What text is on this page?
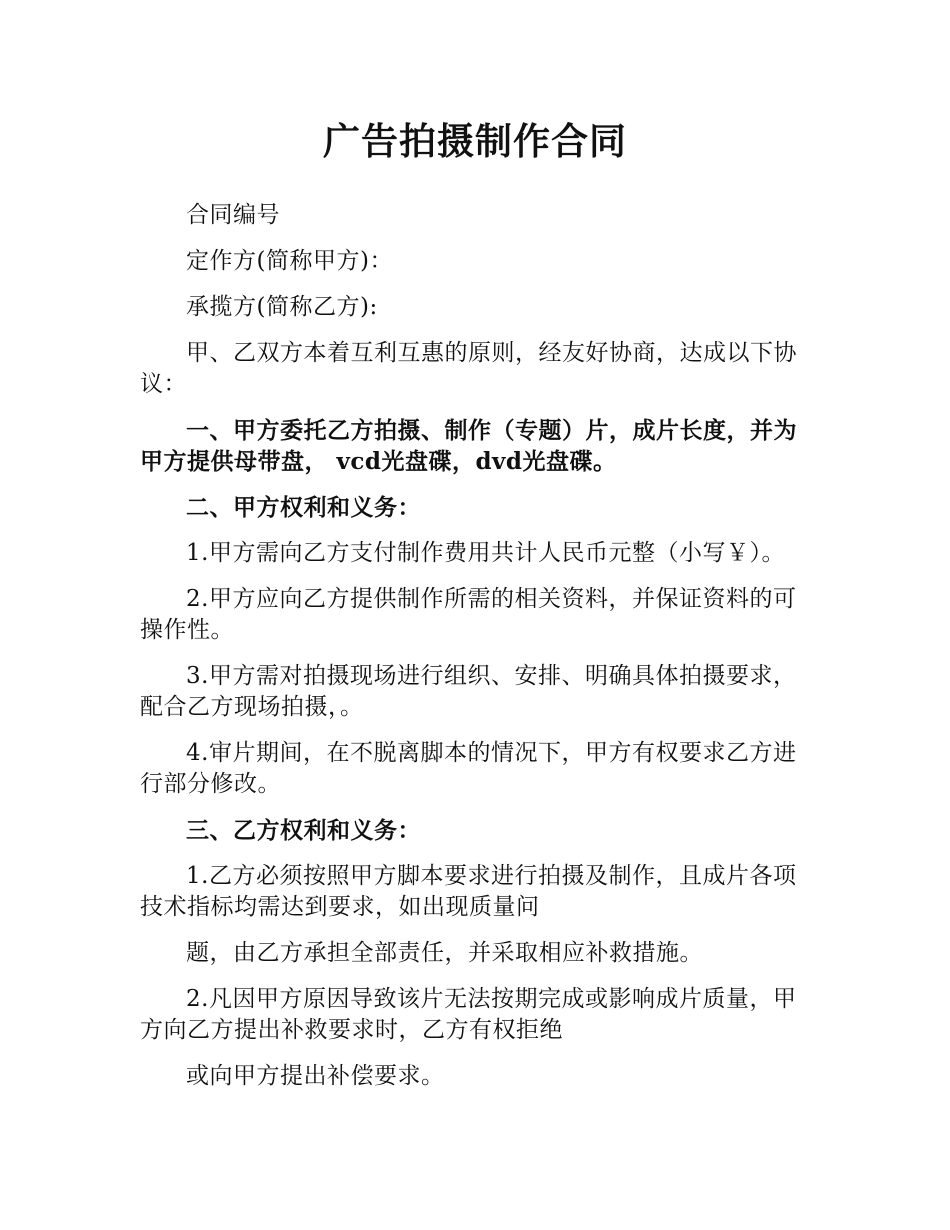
广告拍摄制作合同

合同编号

定作方(简称甲方)：

承揽方(简称乙方):

甲、乙双方本着互利互惠的原则，经友好协商，达成以下协议：

一、甲方委托乙方拍摄、制作（专题）片，成片长度，并为甲方提供母带盘， vcd光盘碟，dvd光盘碟。

二、甲方权利和义务：

1.甲方需向乙方支付制作费用共计人民币元整（小写￥）。

2.甲方应向乙方提供制作所需的相关资料，并保证资料的可操作性。

3.甲方需对拍摄现场进行组织、安排、明确具体拍摄要求，配合乙方现场拍摄，。

4.审片期间，在不脱离脚本的情况下，甲方有权要求乙方进行部分修改。

三、乙方权利和义务：

1.乙方必须按照甲方脚本要求进行拍摄及制作，且成片各项技术指标均需达到要求，如出现质量问

题，由乙方承担全部责任，并采取相应补救措施。

2.凡因甲方原因导致该片无法按期完成或影响成片质量，甲方向乙方提出补救要求时，乙方有权拒绝

或向甲方提出补偿要求。
